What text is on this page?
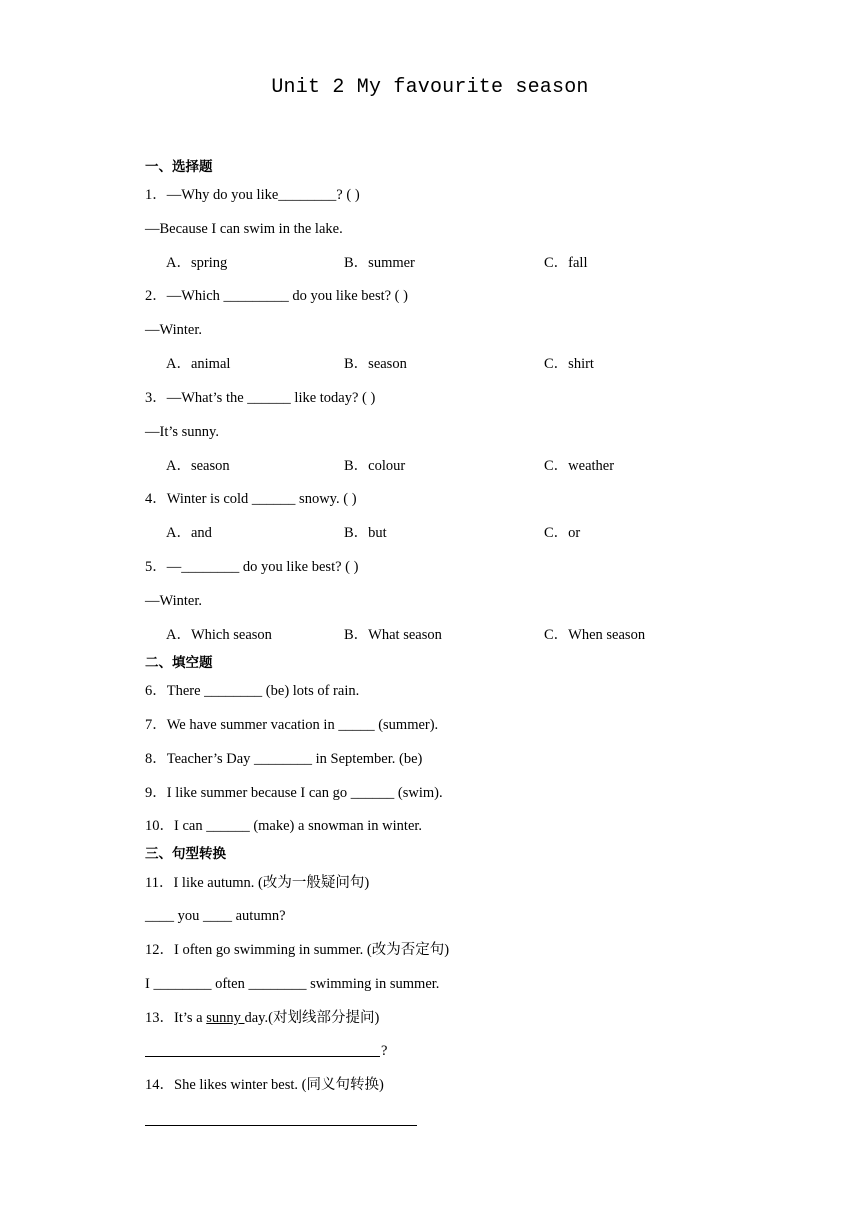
Unit 2 My favourite season
一、选择题
1．—Why do you like________? ( )
—Because I can swim in the lake.
A．spring	B．summer	C．fall
2．—Which _________ do you like best? ( )
—Winter.
A．animal	B．season	C．shirt
3．—What’s the ______ like today? ( )
—It’s sunny.
A．season	B．colour	C．weather
4．Winter is cold ______ snowy. ( )
A．and	B．but	C．or
5．—________ do you like best? ( )
—Winter.
A．Which season	B．What season	C．When season
二、填空题
6．There ________ (be) lots of rain.
7．We have summer vacation in _____ (summer).
8．Teacher’s Day ________ in September. (be)
9．I like summer because I can go ______ (swim).
10．I can ______ (make) a snowman in winter.
三、句型转换
11．I like autumn. (改为一般疑问句)
____ you ____ autumn?
12．I often go swimming in summer. (改为否定句)
I ________ often ________ swimming in summer.
13．It’s a sunny day.(对划线部分提问)
?
14．She likes winter best. (同义句转换)
